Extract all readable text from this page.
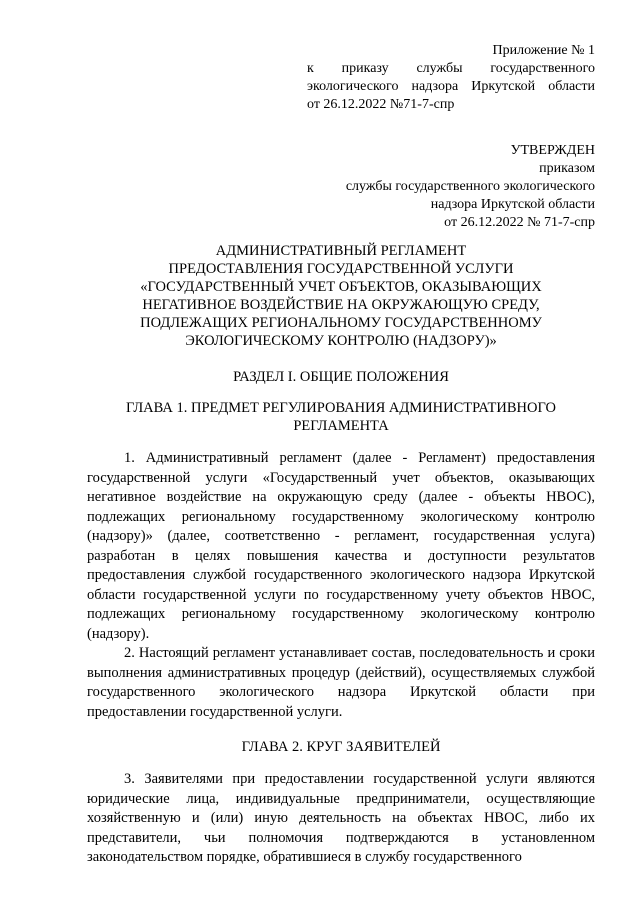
Приложение № 1
к приказу службы государственного
экологического надзора Иркутской области
от 26.12.2022 №71-7-спр
УТВЕРЖДЕН
приказом
службы государственного экологического
надзора Иркутской области
от 26.12.2022 № 71-7-спр
АДМИНИСТРАТИВНЫЙ РЕГЛАМЕНТ
ПРЕДОСТАВЛЕНИЯ ГОСУДАРСТВЕННОЙ УСЛУГИ
«ГОСУДАРСТВЕННЫЙ УЧЕТ ОБЪЕКТОВ, ОКАЗЫВАЮЩИХ
НЕГАТИВНОЕ ВОЗДЕЙСТВИЕ НА ОКРУЖАЮЩУЮ СРЕДУ,
ПОДЛЕЖАЩИХ РЕГИОНАЛЬНОМУ ГОСУДАРСТВЕННОМУ
ЭКОЛОГИЧЕСКОМУ КОНТРОЛЮ (НАДЗОРУ)»
РАЗДЕЛ I. ОБЩИЕ ПОЛОЖЕНИЯ
ГЛАВА 1. ПРЕДМЕТ РЕГУЛИРОВАНИЯ АДМИНИСТРАТИВНОГО
РЕГЛАМЕНТА

1. Административный регламент (далее - Регламент) предоставления государственной услуги «Государственный учет объектов, оказывающих негативное воздействие на окружающую среду (далее - объекты НВОС), подлежащих региональному государственному экологическому контролю (надзору)» (далее, соответственно - регламент, государственная услуга) разработан в целях повышения качества и доступности результатов предоставления службой государственного экологического надзора Иркутской области государственной услуги по государственному учету объектов НВОС, подлежащих региональному государственному экологическому контролю (надзору).

2. Настоящий регламент устанавливает состав, последовательность и сроки выполнения административных процедур (действий), осуществляемых службой государственного экологического надзора Иркутской области при предоставлении государственной услуги.

ГЛАВА 2. КРУГ ЗАЯВИТЕЛЕЙ

3. Заявителями при предоставлении государственной услуги являются юридические лица, индивидуальные предприниматели, осуществляющие хозяйственную и (или) иную деятельность на объектах НВОС, либо их представители, чьи полномочия подтверждаются в установленном законодательством порядке, обратившиеся в службу государственного
